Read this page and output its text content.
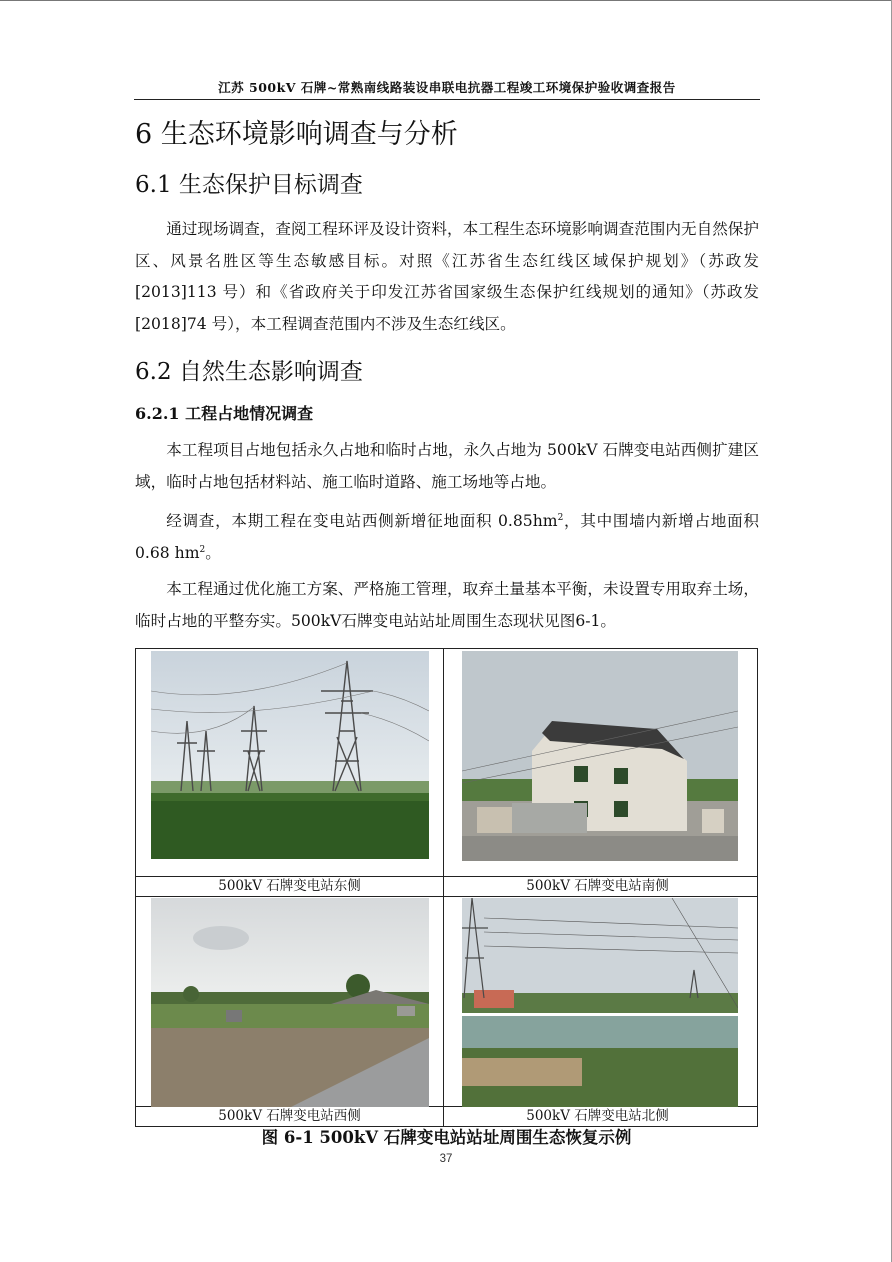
江苏 500kV 石牌~常熟南线路装设串联电抗器工程竣工环境保护验收调查报告
6 生态环境影响调查与分析
6.1 生态保护目标调查

通过现场调查，查阅工程环评及设计资料，本工程生态环境影响调查范围内无自然保护区、风景名胜区等生态敏感目标。对照《江苏省生态红线区域保护规划》（苏政发[2013]113 号）和《省政府关于印发江苏省国家级生态保护红线规划的通知》（苏政发[2018]74 号），本工程调查范围内不涉及生态红线区。

6.2 自然生态影响调查
6.2.1 工程占地情况调查

本工程项目占地包括永久占地和临时占地，永久占地为 500kV 石牌变电站西侧扩建区域，临时占地包括材料站、施工临时道路、施工场地等占地。

经调查，本期工程在变电站西侧新增征地面积 $0.85hm^2$，其中围墙内新增占地面积 0.68 $hm^2$。

本工程通过优化施工方案、严格施工管理，取弃土量基本平衡，未设置专用取弃土场，临时占地的平整夯实。500kV石牌变电站站址周围生态现状见图6-1。

500kV 石牌变电站东侧	500kV 石牌变电站南侧
500kV 石牌变电站西侧	500kV 石牌变电站北侧
图 6-1 500kV 石牌变电站站址周围生态恢复示例
37
